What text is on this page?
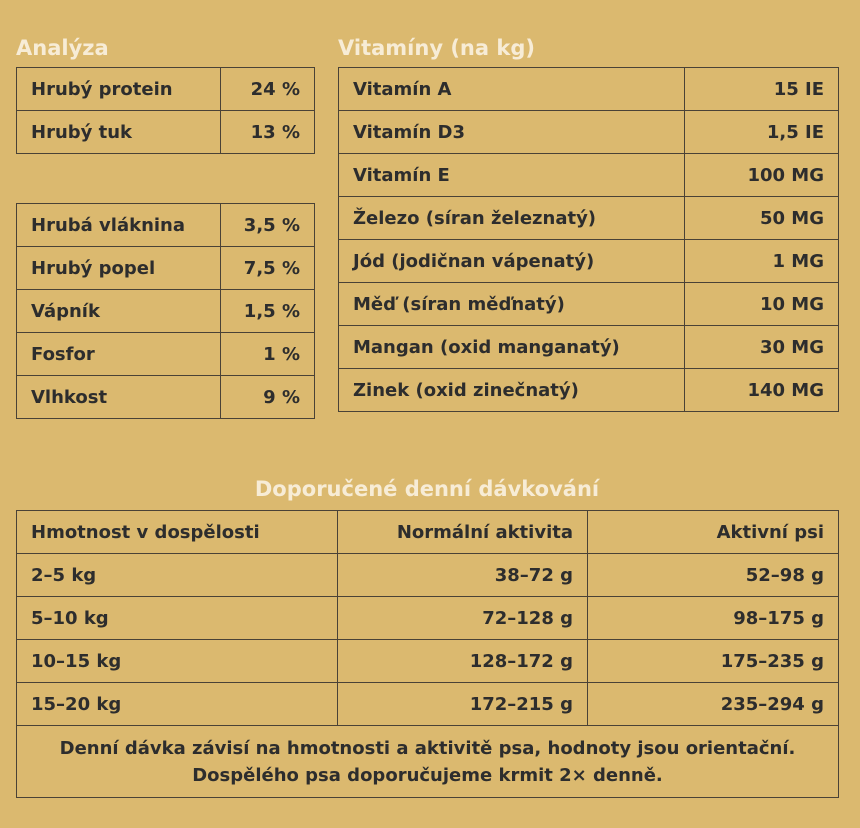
Analýza
Hrubý protein	24 %
Hrubý tuk	13 %
Hrubá vláknina	3,5 %
Hrubý popel	7,5 %
Vápník	1,5 %
Fosfor	1 %
Vlhkost	9 %
Vitamíny (na kg)
Vitamín A	15 IE
Vitamín D3	1,5 IE
Vitamín E	100 MG
Železo (síran železnatý)	50 MG
Jód (jodičnan vápenatý)	1 MG
Měď (síran měďnatý)	10 MG
Mangan (oxid manganatý)	30 MG
Zinek (oxid zinečnatý)	140 MG
Doporučené denní dávkování
Hmotnost v dospělosti	Normální aktivita	Aktivní psi
2–5 kg	38–72 g	52–98 g
5–10 kg	72–128 g	98–175 g
10–15 kg	128–172 g	175–235 g
15–20 kg	172–215 g	235–294 g

Denní dávka závisí na hmotnosti a aktivitě psa, hodnoty jsou orientační.
Dospělého psa doporučujeme krmit 2× denně.		
